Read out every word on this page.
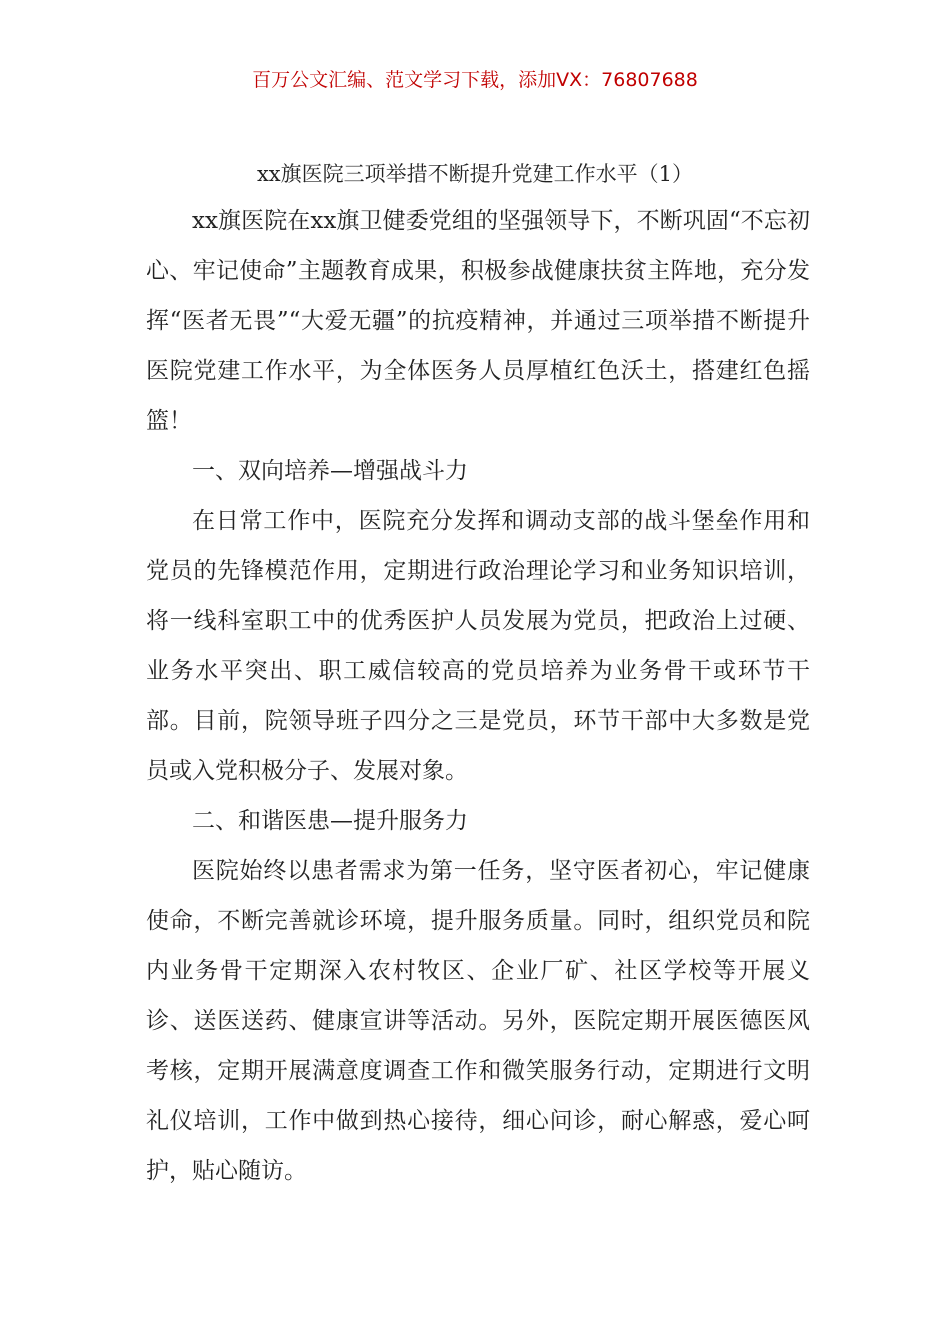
百万公文汇编、范文学习下载，添加VX：76807688
xx旗医院三项举措不断提升党建工作水平（1）

xx旗医院在xx旗卫健委党组的坚强领导下，不断巩固“不忘初心、牢记使命”主题教育成果，积极参战健康扶贫主阵地，充分发挥“医者无畏”“大爱无疆”的抗疫精神，并通过三项举措不断提升医院党建工作水平，为全体医务人员厚植红色沃土，搭建红色摇篮！

一、双向培养—增强战斗力

在日常工作中，医院充分发挥和调动支部的战斗堡垒作用和党员的先锋模范作用，定期进行政治理论学习和业务知识培训，将一线科室职工中的优秀医护人员发展为党员，把政治上过硬、业务水平突出、职工威信较高的党员培养为业务骨干或环节干部。目前，院领导班子四分之三是党员，环节干部中大多数是党员或入党积极分子、发展对象。

二、和谐医患—提升服务力

医院始终以患者需求为第一任务，坚守医者初心，牢记健康使命，不断完善就诊环境，提升服务质量。同时，组织党员和院内业务骨干定期深入农村牧区、企业厂矿、社区学校等开展义诊、送医送药、健康宣讲等活动。另外，医院定期开展医德医风考核，定期开展满意度调查工作和微笑服务行动，定期进行文明礼仪培训，工作中做到热心接待，细心问诊，耐心解惑，爱心呵护，贴心随访。
